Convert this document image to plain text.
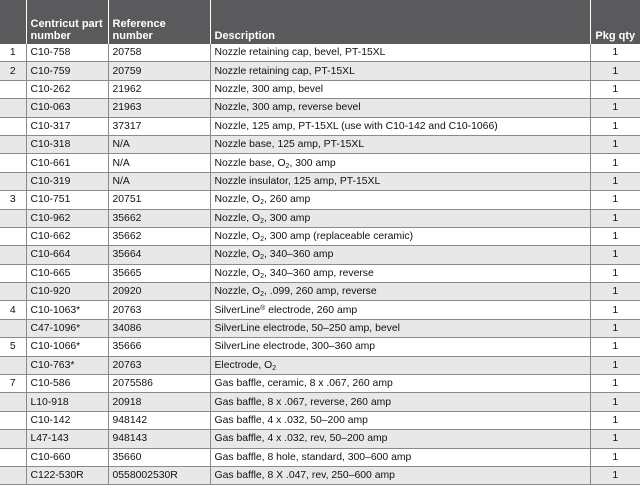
	Centricut part number	Reference number	Description	Pkg qty
1	C10-758	20758	Nozzle retaining cap, bevel, PT-15XL	1
2	C10-759	20759	Nozzle retaining cap, PT-15XL	1
	C10-262	21962	Nozzle, 300 amp, bevel	1
	C10-063	21963	Nozzle, 300 amp, reverse bevel	1
	C10-317	37317	Nozzle, 125 amp, PT-15XL (use with C10-142 and C10-1066)	1
	C10-318	N/A	Nozzle base, 125 amp, PT-15XL	1
	C10-661	N/A	Nozzle base, $O_2$, 300 amp	1
	C10-319	N/A	Nozzle insulator, 125 amp, PT-15XL	1
3	C10-751	20751	Nozzle, $O_2$, 260 amp	1
	C10-962	35662	Nozzle, $O_2$, 300 amp	1
	C10-662	35662	Nozzle, $O_2$, 300 amp (replaceable ceramic)	1
	C10-664	35664	Nozzle, $O_2$, 340–360 amp	1
	C10-665	35665	Nozzle, $O_2$, 340–360 amp, reverse	1
	C10-920	20920	Nozzle, $O_2$, .099, 260 amp, reverse	1
4	C10-1063*	20763	SilverLine® electrode, 260 amp	1
	C47-1096*	34086	SilverLine electrode, 50–250 amp, bevel	1
5	C10-1066*	35666	SilverLine electrode, 300–360 amp	1
	C10-763*	20763	Electrode, $O_2$	1
7	C10-586	2075586	Gas baffle, ceramic, 8 x .067, 260 amp	1
	L10-918	20918	Gas baffle, 8 x .067, reverse, 260 amp	1
	C10-142	948142	Gas baffle, 4 x .032, 50–200 amp	1
	L47-143	948143	Gas baffle, 4 x .032, rev, 50–200 amp	1
	C10-660	35660	Gas baffle, 8 hole, standard, 300–600 amp	1
	C122-530R	0558002530R	Gas baffle, 8 X .047, rev, 250–600 amp	1
